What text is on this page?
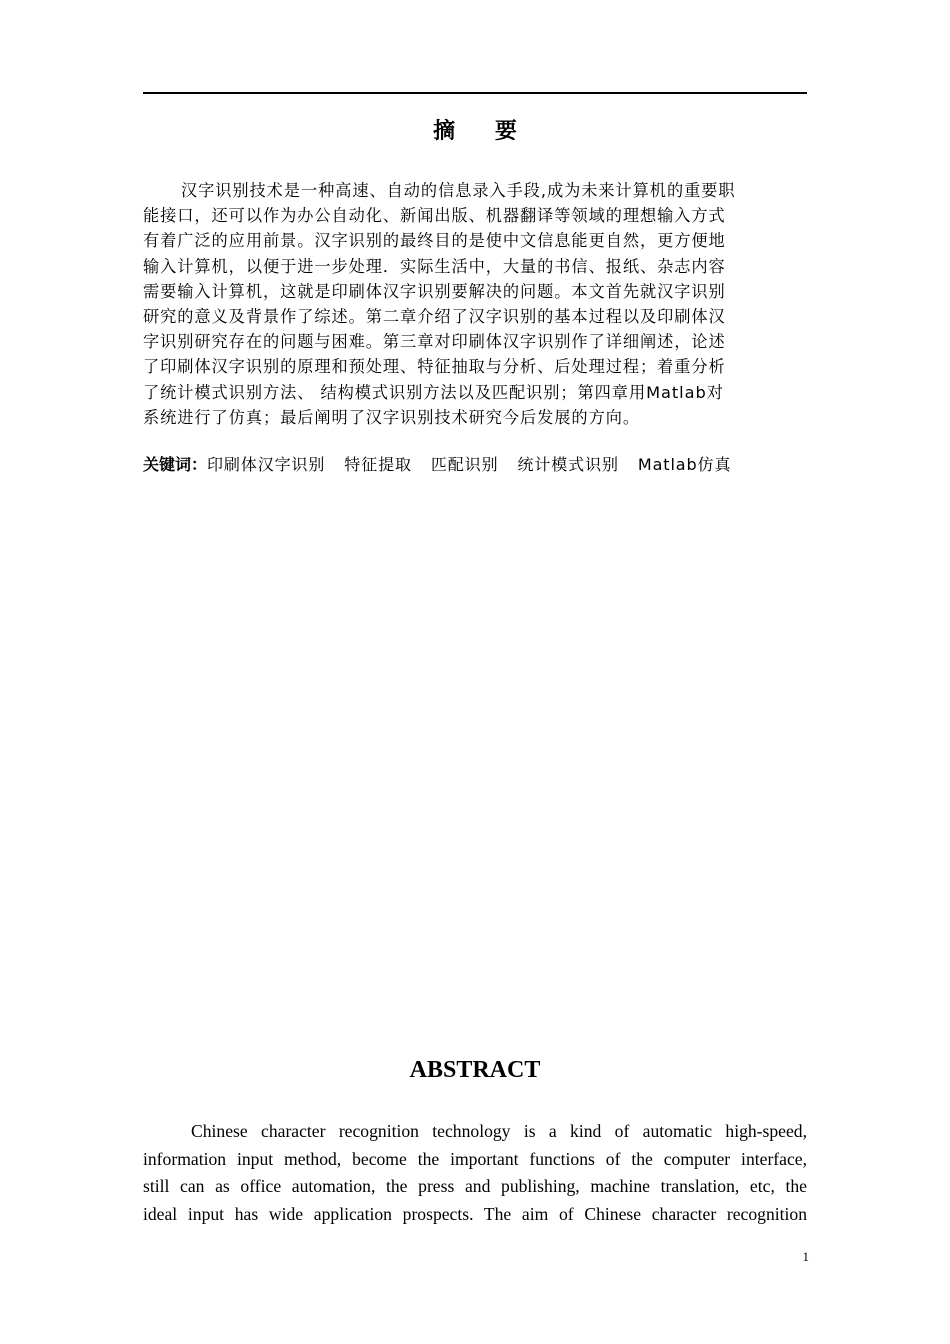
摘 要
汉字识别技术是一种高速、自动的信息录入手段,成为未来计算机的重要职
能接口，还可以作为办公自动化、新闻出版、机器翻译等领域的理想输入方式
有着广泛的应用前景。汉字识别的最终目的是使中文信息能更自然，更方便地
输入计算机，以便于进一步处理．实际生活中，大量的书信、报纸、杂志内容
需要输入计算机，这就是印刷体汉字识别要解决的问题。本文首先就汉字识别
研究的意义及背景作了综述。第二章介绍了汉字识别的基本过程以及印刷体汉
字识别研究存在的问题与困难。第三章对印刷体汉字识别作了详细阐述，论述
了印刷体汉字识别的原理和预处理、特征抽取与分析、后处理过程；着重分析
了统计模式识别方法、 结构模式识别方法以及匹配识别；第四章用Matlab对
系统进行了仿真；最后阐明了汉字识别技术研究今后发展的方向。
关键词：印刷体汉字识别 特征提取 匹配识别 统计模式识别 Matlab仿真
ABSTRACT
Chinese character recognition technology is a kind of automatic high-speed,
information input method, become the important functions of the computer interface,
still can as office automation, the press and publishing, machine translation, etc, the
ideal input has wide application prospects. The aim of Chinese character recognition
1
